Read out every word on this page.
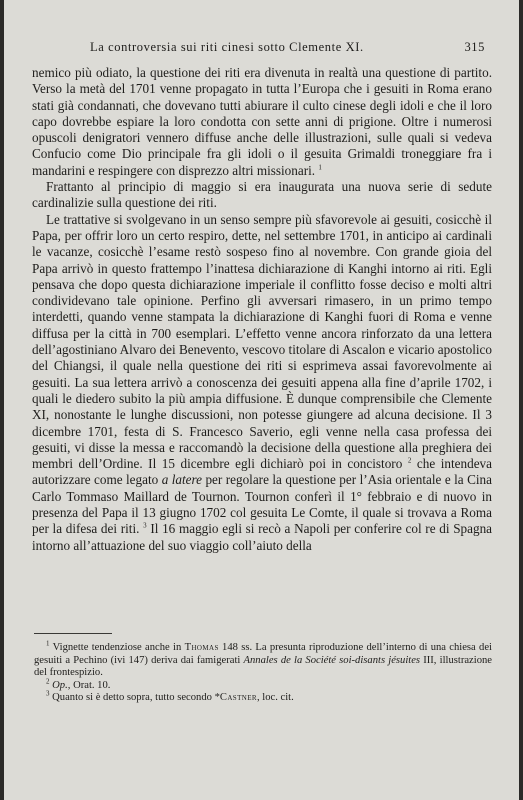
La controversia sui riti cinesi sotto Clemente XI.	315

nemico più odiato, la questione dei riti era divenuta in realtà una questione di partito. Verso la metà del 1701 venne propagato in tutta l’Europa che i gesuiti in Roma erano stati già condannati, che dovevano tutti abiurare il culto cinese degli idoli e che il loro capo dovrebbe espiare la loro condotta con sette anni di prigione. Oltre i numerosi opuscoli denigratori vennero diffuse anche delle illustrazioni, sulle quali si vedeva Confucio come Dio principale fra gli idoli o il gesuita Grimaldi troneggiare fra i mandarini e respingere con disprezzo altri missionari. $^1$

Frattanto al principio di maggio si era inaugurata una nuova serie di sedute cardinalizie sulla questione dei riti.

Le trattative si svolgevano in un senso sempre più sfavorevole ai gesuiti, cosicchè il Papa, per offrir loro un certo respiro, dette, nel settembre 1701, in anticipo ai cardinali le vacanze, cosicchè l’esame restò sospeso fino al novembre. Con grande gioia del Papa arrivò in questo frattempo l’inattesa dichiarazione di Kanghi intorno ai riti. Egli pensava che dopo questa dichiarazione imperiale il conflitto fosse deciso e molti altri condividevano tale opinione. Perfino gli avversari rimasero, in un primo tempo interdetti, quando venne stampata la dichiarazione di Kanghi fuori di Roma e venne diffusa per la città in 700 esemplari. L’effetto venne ancora rinforzato da una lettera dell’agostiniano Alvaro dei Benevento, vescovo titolare di Ascalon e vicario apostolico del Chiangsi, il quale nella questione dei riti si esprimeva assai favorevolmente ai gesuiti. La sua lettera arrivò a conoscenza dei gesuiti appena alla fine d’aprile 1702, i quali le diedero subito la più ampia diffusione. È dunque comprensibile che Clemente XI, nonostante le lunghe discussioni, non potesse giungere ad alcuna decisione. Il 3 dicembre 1701, festa di S. Francesco Saverio, egli venne nella casa professa dei gesuiti, vi disse la messa e raccomandò la decisione della questione alla preghiera dei membri dell’Ordine. Il 15 dicembre egli dichiarò poi in concistoro $^2$ che intendeva autorizzare come legato a latere per regolare la questione per l’Asia orientale e la Cina Carlo Tommaso Maillard de Tournon. Tournon conferì il 1° febbraio e di nuovo in presenza del Papa il 13 giugno 1702 col gesuita Le Comte, il quale si trovava a Roma per la difesa dei riti. $^3$ Il 16 maggio egli si recò a Napoli per conferire col re di Spagna intorno all’attuazione del suo viaggio coll’aiuto della

$^1$ Vignette tendenziose anche in Thomas 148 ss. La presunta riproduzione dell’interno di una chiesa dei gesuiti a Pechino (ivi 147) deriva dai famigerati Annales de la Société soi-disants jésuites III, illustrazione del frontespizio.

$^2$ Op., Orat. 10.

$^3$ Quanto si è detto sopra, tutto secondo *Castner, loc. cit.
